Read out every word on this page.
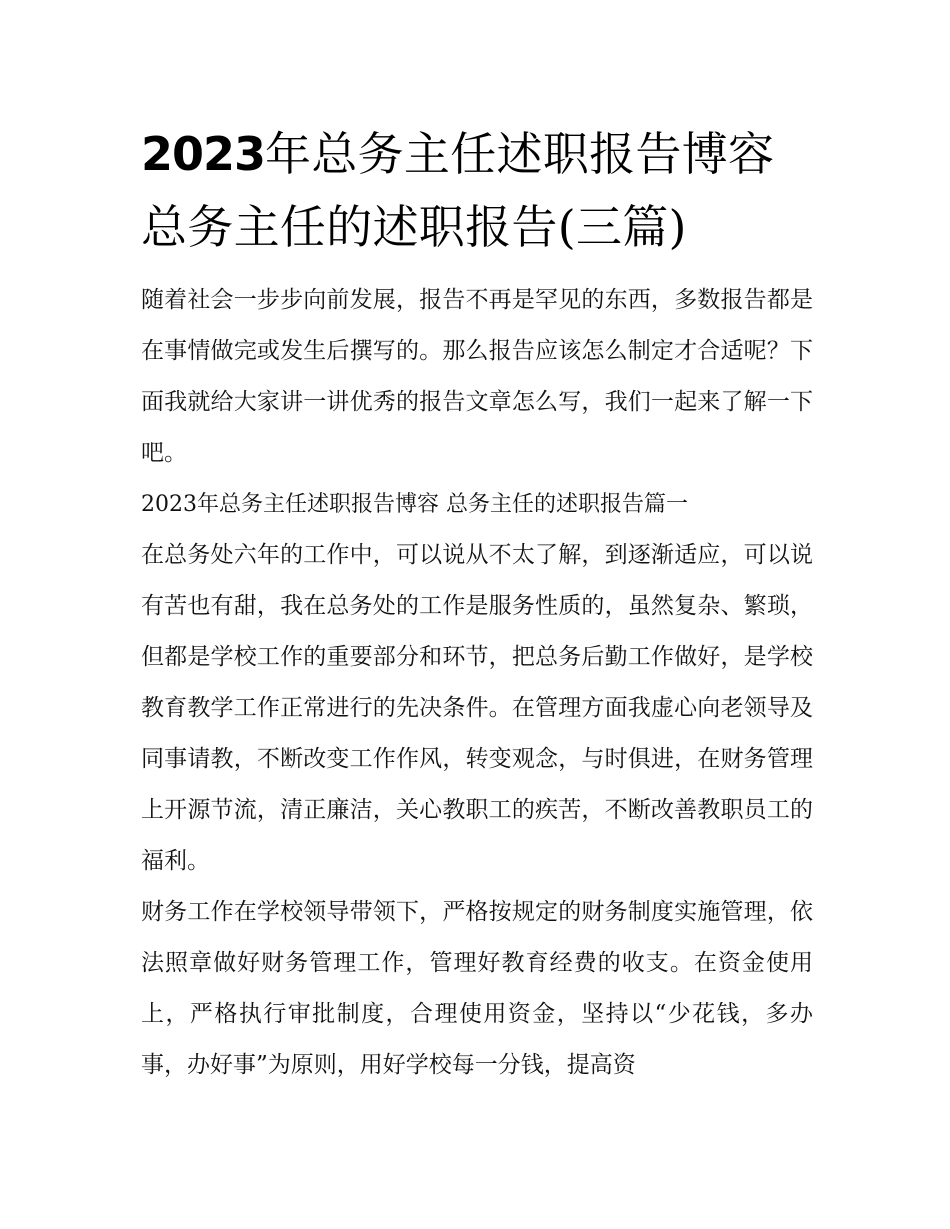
2023年总务主任述职报告博容总务主任的述职报告(三篇)

随着社会一步步向前发展，报告不再是罕见的东西，多数报告都是在事情做完或发生后撰写的。那么报告应该怎么制定才合适呢？下面我就给大家讲一讲优秀的报告文章怎么写，我们一起来了解一下吧。

2023年总务主任述职报告博容 总务主任的述职报告篇一

在总务处六年的工作中，可以说从不太了解，到逐渐适应，可以说有苦也有甜，我在总务处的工作是服务性质的，虽然复杂、繁琐，但都是学校工作的重要部分和环节，把总务后勤工作做好，是学校教育教学工作正常进行的先决条件。在管理方面我虚心向老领导及同事请教，不断改变工作作风，转变观念，与时俱进，在财务管理上开源节流，清正廉洁，关心教职工的疾苦，不断改善教职员工的福利。

财务工作在学校领导带领下，严格按规定的财务制度实施管理，依法照章做好财务管理工作，管理好教育经费的收支。在资金使用上，严格执行审批制度，合理使用资金，坚持以“少花钱，多办事，办好事”为原则，用好学校每一分钱，提高资
